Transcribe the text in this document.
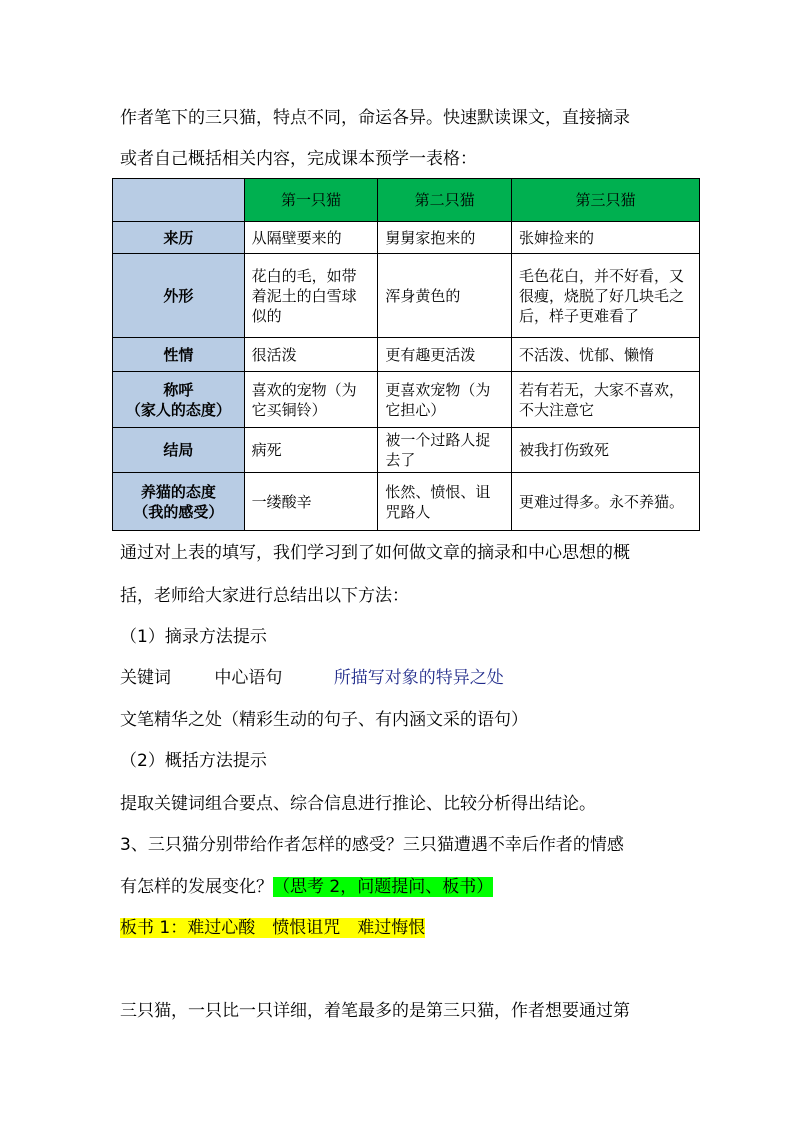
作者笔下的三只猫，特点不同，命运各异。快速默读课文，直接摘录
或者自己概括相关内容，完成课本预学一表格：
	第一只猫	第二只猫	第三只猫
来历	从隔壁要来的	舅舅家抱来的	张婶捡来的
外形	花白的毛，如带着泥土的白雪球似的	浑身黄色的	毛色花白，并不好看，又很瘦，烧脱了好几块毛之后，样子更难看了
性情	很活泼	更有趣更活泼	不活泼、忧郁、懒惰
称呼
（家人的态度）	喜欢的宠物（为它买铜铃）	更喜欢宠物（为它担心）	若有若无，大家不喜欢，不大注意它
结局	病死	被一个过路人捉去了	被我打伤致死
养猫的态度
（我的感受）	一缕酸辛	怅然、愤恨、诅咒路人	更难过得多。永不养猫。
通过对上表的填写，我们学习到了如何做文章的摘录和中心思想的概
括，老师给大家进行总结出以下方法：
（1）摘录方法提示
关键词	中心语句	所描写对象的特异之处
文笔精华之处（精彩生动的句子、有内涵文采的语句）
（2）概括方法提示
提取关键词组合要点、综合信息进行推论、比较分析得出结论。
3、三只猫分别带给作者怎样的感受？三只猫遭遇不幸后作者的情感
有怎样的发展变化？（思考 2，问题提问、板书）
板书 1：难过心酸　愤恨诅咒　难过悔恨
三只猫，一只比一只详细，着笔最多的是第三只猫，作者想要通过第
